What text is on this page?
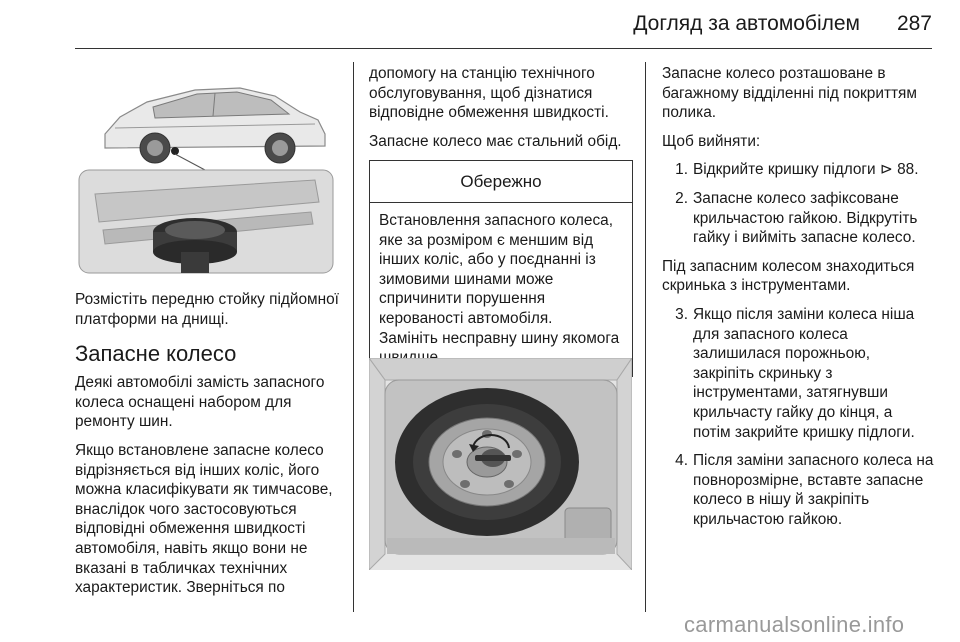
Догляд за автомобілем	287

Розмістіть передню стойку підйомної платформи на днищі.

Запасне колесо

Деякі автомобілі замість запасного колеса оснащені набором для ремонту шин.

Якщо встановлене запасне колесо відрізняється від інших коліс, його можна класифікувати як тимчасове, внаслідок чого застосовуються відповідні обмеження швидкості автомобіля, навіть якщо вони не вказані в табличках технічних характеристик. Зверніться по

допомогу на станцію технічного обслуговування, щоб дізнатися відповідне обмеження швидкості.

Запасне колесо має стальний обід.

Обережно
Встановлення запасного колеса, яке за розміром є меншим від інших коліс, або у поєднанні із зимовими шинами може спричинити порушення керованості автомобіля.
Замініть несправну шину якомога

Запасне колесо розташоване в багажному відділенні під покриттям полика.

Щоб вийняти:

1. Відкрийте кришку підлоги ⊳ 88.
2. Запасне колесо зафіксоване крильчастою гайкою. Відкрутіть гайку і вийміть запасне колесо.

Під запасним колесом знаходиться скринька з інструментами.

3. Якщо після заміни колеса ніша для запасного колеса залишилася порожньою, закріпіть скриньку з інструментами, затягнувши крильчасту гайку до кінця, а потім закрийте кришку підлоги.
4. Після заміни запасного колеса на повнорозмірне, вставте запасне колесо в нішу й закріпіть крильчастою гайкою.
carmanualsonline.info
